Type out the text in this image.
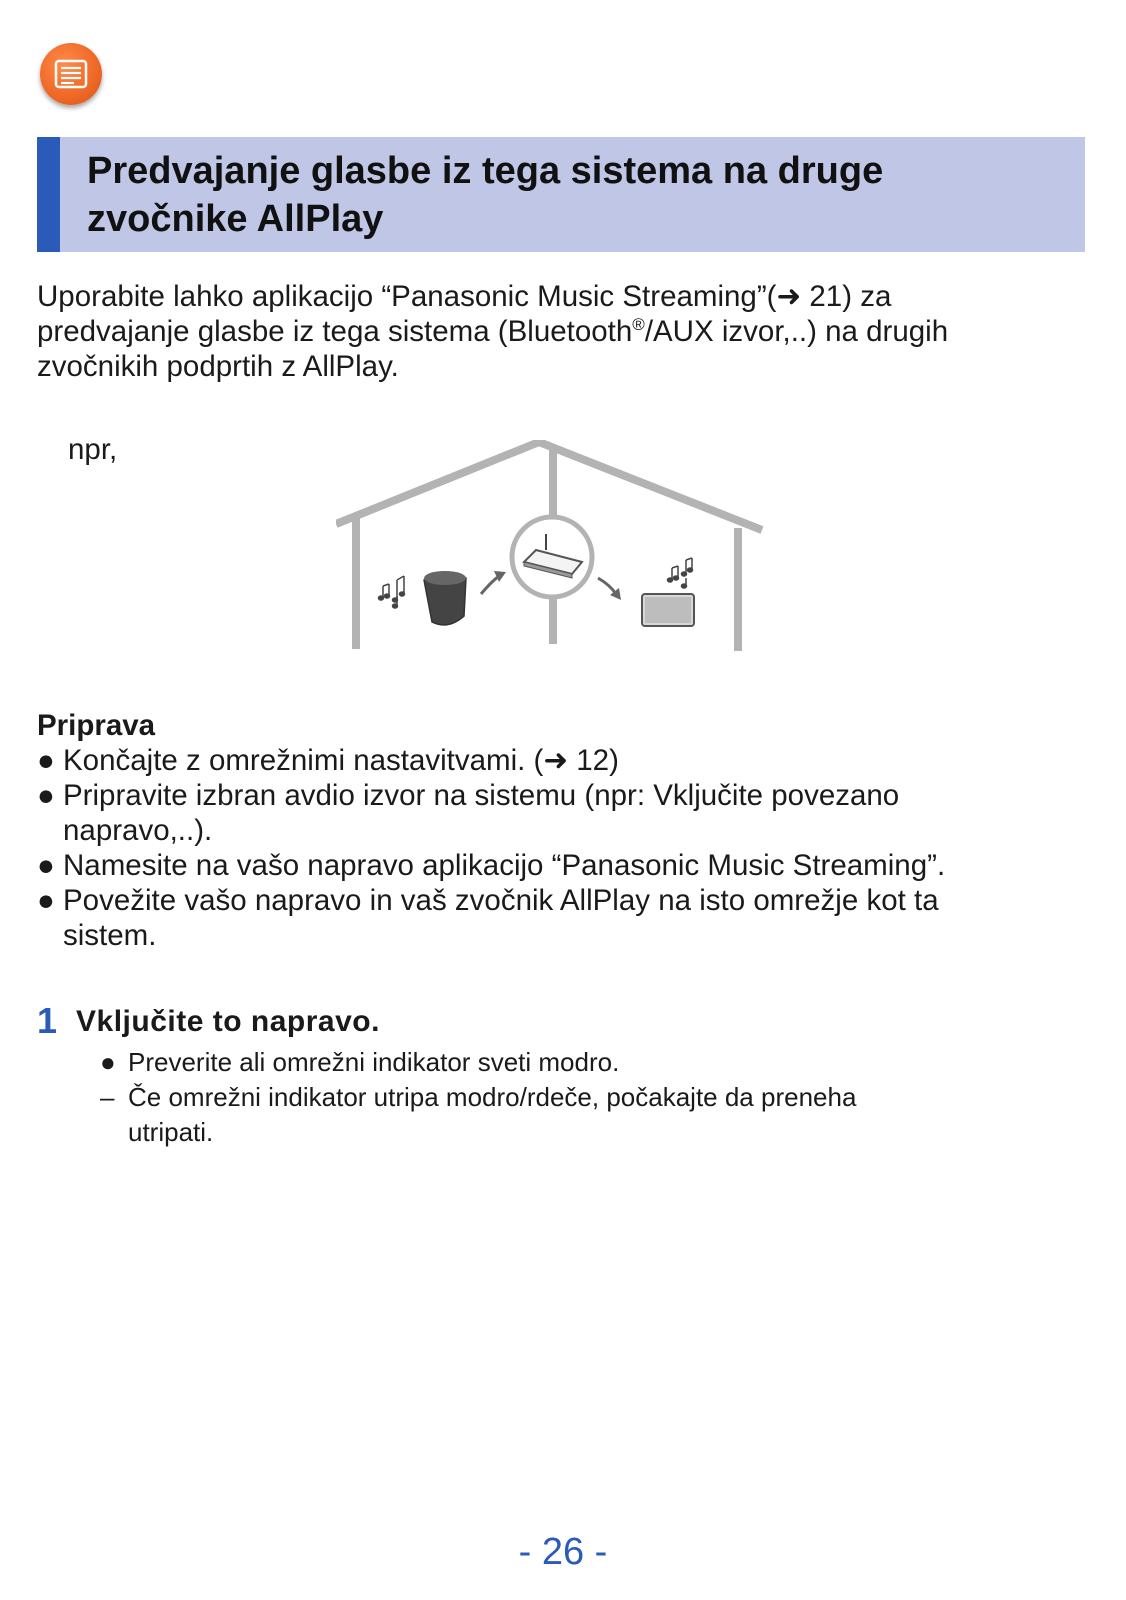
Predvajanje glasbe iz tega sistema na druge
zvočnike AllPlay
Uporabite lahko aplikacijo “Panasonic Music Streaming”(➜ 21) za
predvajanje glasbe iz tega sistema (Bluetooth®/AUX izvor,..) na drugih
zvočnikih podprtih z AllPlay.
npr,
Priprava
● Končajte z omrežnimi nastavitvami. (➜ 12)
● Pripravite izbran avdio izvor na sistemu (npr: Vključite povezano
napravo,..).
● Namesite na vašo napravo aplikacijo “Panasonic Music Streaming”.
● Povežite vašo napravo in vaš zvočnik AllPlay na isto omrežje kot ta
sistem.
1 Vključite to napravo.
● Preverite ali omrežni indikator sveti modro.
– Če omrežni indikator utripa modro/rdeče, počakajte da preneha
utripati.
- 26 -
